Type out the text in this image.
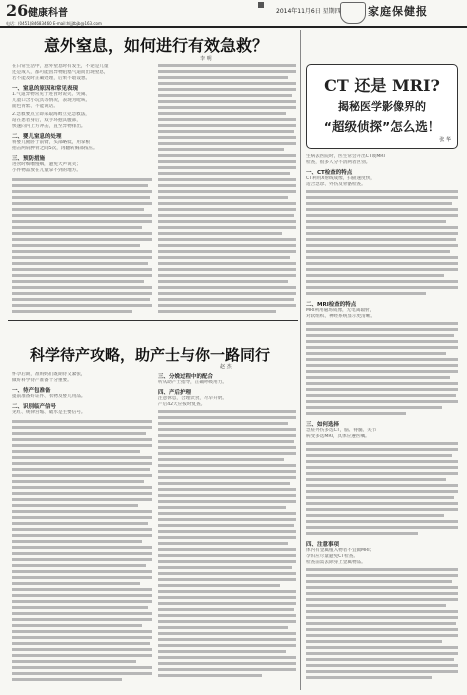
26 健康科普	2014年11月6日 星期四 家庭保健报
电话：(0451)84683460 E-mail:hljjtbjb@163.com
意外窒息，如何进行有效急救？
李 明
在日常生活中，意外窒息时有发生，不论是儿童
还是成人，都可能因异物阻塞气道而出现窒息，
若不能及时正确处理，后果不堪设想。
一、窒息的原因和常见表现
1.气道异物常见于进食时说笑、哭闹、
儿童口含小玩具等情况，表现为呛咳、
面色青紫、不能说话。
2.急救要点立即采取海姆立克急救法，
站在患者身后，双手环抱其腹部，
快速向内上方冲击，直至异物排出。
二、婴儿窒息的处理
将婴儿俯卧于前臂，头部略低，用掌根
拍击两肩胛骨之间5次，再翻转胸部按压。
三、预防措施
进食时细嚼慢咽，避免大声说笑；
小件物品放在儿童拿不到的地方。
科学待产攻略，助产士与你一路同行
赵 杰
怀孕后期，准妈妈们既期待又紧张，
做好科学待产准备十分重要。
一、待产包准备
提前准备好证件、衣物及婴儿用品。
二、识别临产信号
见红、规律宫缩、破水是主要信号。
三、分娩过程中的配合
听从助产士指导，正确呼吸用力。
四、产后护理
注意休息，合理饮食，尽早开奶。
产后42天应按时复查。
CT 还是 MRI?
揭秘医学影像界的
“超级侦探”怎么选！
张 华
生病去医院时，医生常会开出CT或MRI
检查，很多人分不清两者区别。
一、CT检查的特点
CT利用X射线成像，扫描速度快，
适合急诊、外伤及骨骼检查。
二、MRI检查的特点
MRI利用磁场成像，无电离辐射，
对软组织、神经系统显示更清晰。
三、如何选择
急症外伤多选CT，脑、脊髓、关节
病变多选MRI，具体应遵医嘱。
四、注意事项
体内有金属植入物者不宜做MRI；
孕妇应尽量避免CT检查。
检查前需去除身上金属物品。
